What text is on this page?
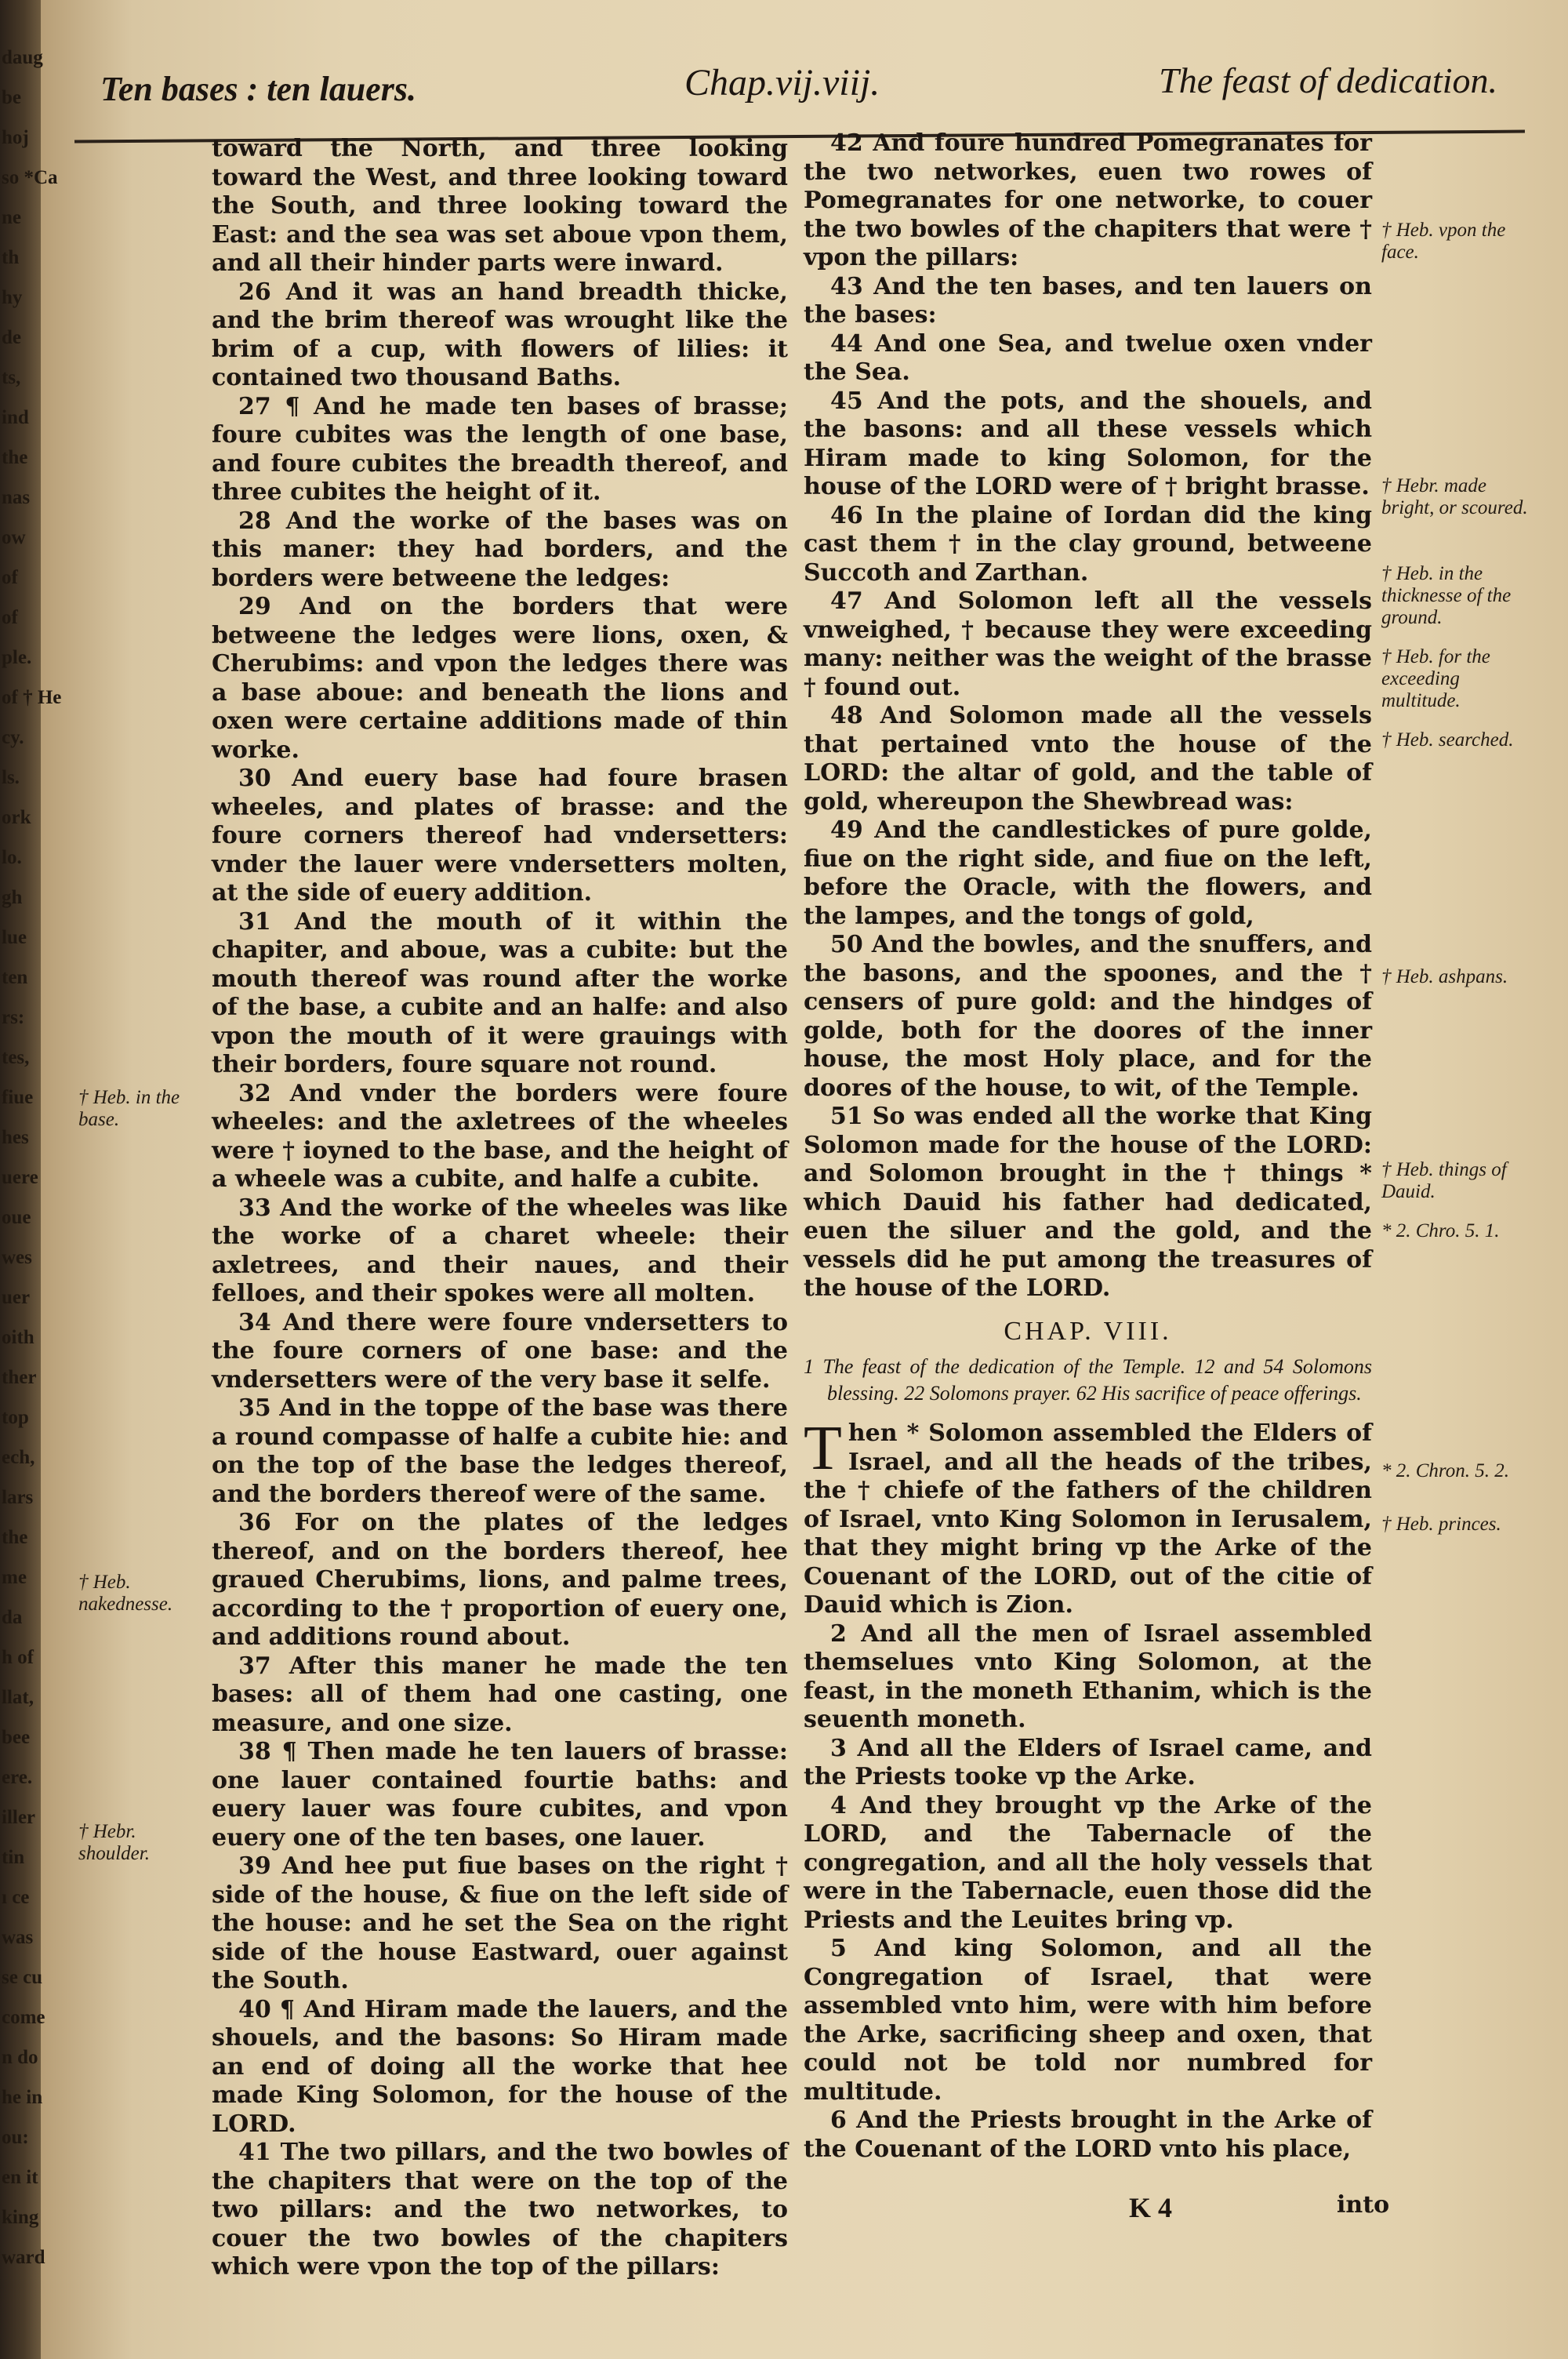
daug
be
hoj
so *Ca
ne
th
hy
de
ts,
ind
the
nas
ow
of
of
ple.
of † He
cy.
ls.
ork
lo.
gh
lue
ten
rs:
tes,
fiue
hes
uere
oue
wes
uer
oith
ther
top
ech,
lars
the
me
da
h of
llat,
bee
ere.
iller
tin
ı ce
was
se cu
come
n do
he in
ou:
en it
king
ward
Ten bases : ten lauers.	Chap.vij.viij.	The feast of dedication.

toward the North, and three looking toward the West, and three looking toward the South, and three looking toward the East: and the sea was set aboue vpon them, and all their hinder parts were inward.

26 And it was an hand breadth thicke, and the brim thereof was wrought like the brim of a cup, with flowers of lilies: it contained two thousand Baths.

27 ¶ And he made ten bases of brasse; foure cubites was the length of one base, and foure cubites the breadth thereof, and three cubites the height of it.

28 And the worke of the bases was on this maner: they had borders, and the borders were betweene the ledges:

29 And on the borders that were betweene the ledges were lions, oxen, & Cherubims: and vpon the ledges there was a base aboue: and beneath the lions and oxen were certaine additions made of thin worke.

30 And euery base had foure brasen wheeles, and plates of brasse: and the foure corners thereof had vndersetters: vnder the lauer were vndersetters molten, at the side of euery addition.

31 And the mouth of it within the chapiter, and aboue, was a cubite: but the mouth thereof was round after the worke of the base, a cubite and an halfe: and also vpon the mouth of it were grauings with their borders, foure square not round.

32 And vnder the borders were foure wheeles: and the axletrees of the wheeles were † ioyned to the base, and the height of a wheele was a cubite, and halfe a cubite.

33 And the worke of the wheeles was like the worke of a charet wheele: their axletrees, and their naues, and their felloes, and their spokes were all molten.

34 And there were foure vndersetters to the foure corners of one base: and the vndersetters were of the very base it selfe.

35 And in the toppe of the base was there a round compasse of halfe a cubite hie: and on the top of the base the ledges thereof, and the borders thereof were of the same.

36 For on the plates of the ledges thereof, and on the borders thereof, hee graued Cherubims, lions, and palme trees, according to the † proportion of euery one, and additions round about.

37 After this maner he made the ten bases: all of them had one casting, one measure, and one size.

38 ¶ Then made he ten lauers of brasse: one lauer contained fourtie baths: and euery lauer was foure cubites, and vpon euery one of the ten bases, one lauer.

39 And hee put fiue bases on the right † side of the house, & fiue on the left side of the house: and he set the Sea on the right side of the house Eastward, ouer against the South.

40 ¶ And Hiram made the lauers, and the shouels, and the basons: So Hiram made an end of doing all the worke that hee made King Solomon, for the house of the LORD.

41 The two pillars, and the two bowles of the chapiters that were on the top of the two pillars: and the two networkes, to couer the two bowles of the chapiters which were vpon the top of the pillars:

42 And foure hundred Pomegranates for the two networkes, euen two rowes of Pomegranates for one networke, to couer the two bowles of the chapiters that were † vpon the pillars:

43 And the ten bases, and ten lauers on the bases:

44 And one Sea, and twelue oxen vnder the Sea.

45 And the pots, and the shouels, and the basons: and all these vessels which Hiram made to king Solomon, for the house of the LORD were of † bright brasse.

46 In the plaine of Iordan did the king cast them † in the clay ground, betweene Succoth and Zarthan.

47 And Solomon left all the vessels vnweighed, † because they were exceeding many: neither was the weight of the brasse † found out.

48 And Solomon made all the vessels that pertained vnto the house of the LORD: the altar of gold, and the table of gold, whereupon the Shewbread was:

49 And the candlestickes of pure golde, fiue on the right side, and fiue on the left, before the Oracle, with the flowers, and the lampes, and the tongs of gold,

50 And the bowles, and the snuffers, and the basons, and the spoones, and the † censers of pure gold: and the hindges of golde, both for the doores of the inner house, the most Holy place, and for the doores of the house, to wit, of the Temple.

51 So was ended all the worke that King Solomon made for the house of the LORD: and Solomon brought in the † things * which Dauid his father had dedicated, euen the siluer and the gold, and the vessels did he put among the treasures of the house of the LORD.

CHAP. VIII.
1 The feast of the dedication of the Temple. 12 and 54 Solomons blessing. 22 Solomons prayer. 62 His sacrifice of peace offerings.

Then * Solomon assembled the Elders of Israel, and all the heads of the tribes, the † chiefe of the fathers of the children of Israel, vnto King Solomon in Ierusalem, that they might bring vp the Arke of the Couenant of the LORD, out of the citie of Dauid which is Zion.

2 And all the men of Israel assembled themselues vnto King Solomon, at the feast, in the moneth Ethanim, which is the seuenth moneth.

3 And all the Elders of Israel came, and the Priests tooke vp the Arke.

4 And they brought vp the Arke of the LORD, and the Tabernacle of the congregation, and all the holy vessels that were in the Tabernacle, euen those did the Priests and the Leuites bring vp.

5 And king Solomon, and all the Congregation of Israel, that were assembled vnto him, were with him before the Arke, sacrificing sheep and oxen, that could not be told nor numbred for multitude.

6 And the Priests brought in the Arke of the Couenant of the LORD vnto his place,

† Heb. vpon the face.
† Hebr. made bright, or scoured.
† Heb. in the thicknesse of the ground.
† Heb. for the exceeding multitude.
† Heb. searched.
† Heb. ashpans.
† Heb. things of Dauid.
* 2. Chro. 5. 1.
* 2. Chron. 5. 2.
† Heb. princes.
† Heb. in the base.
† Heb. nakednesse.
† Hebr. shoulder.
K 4	into
